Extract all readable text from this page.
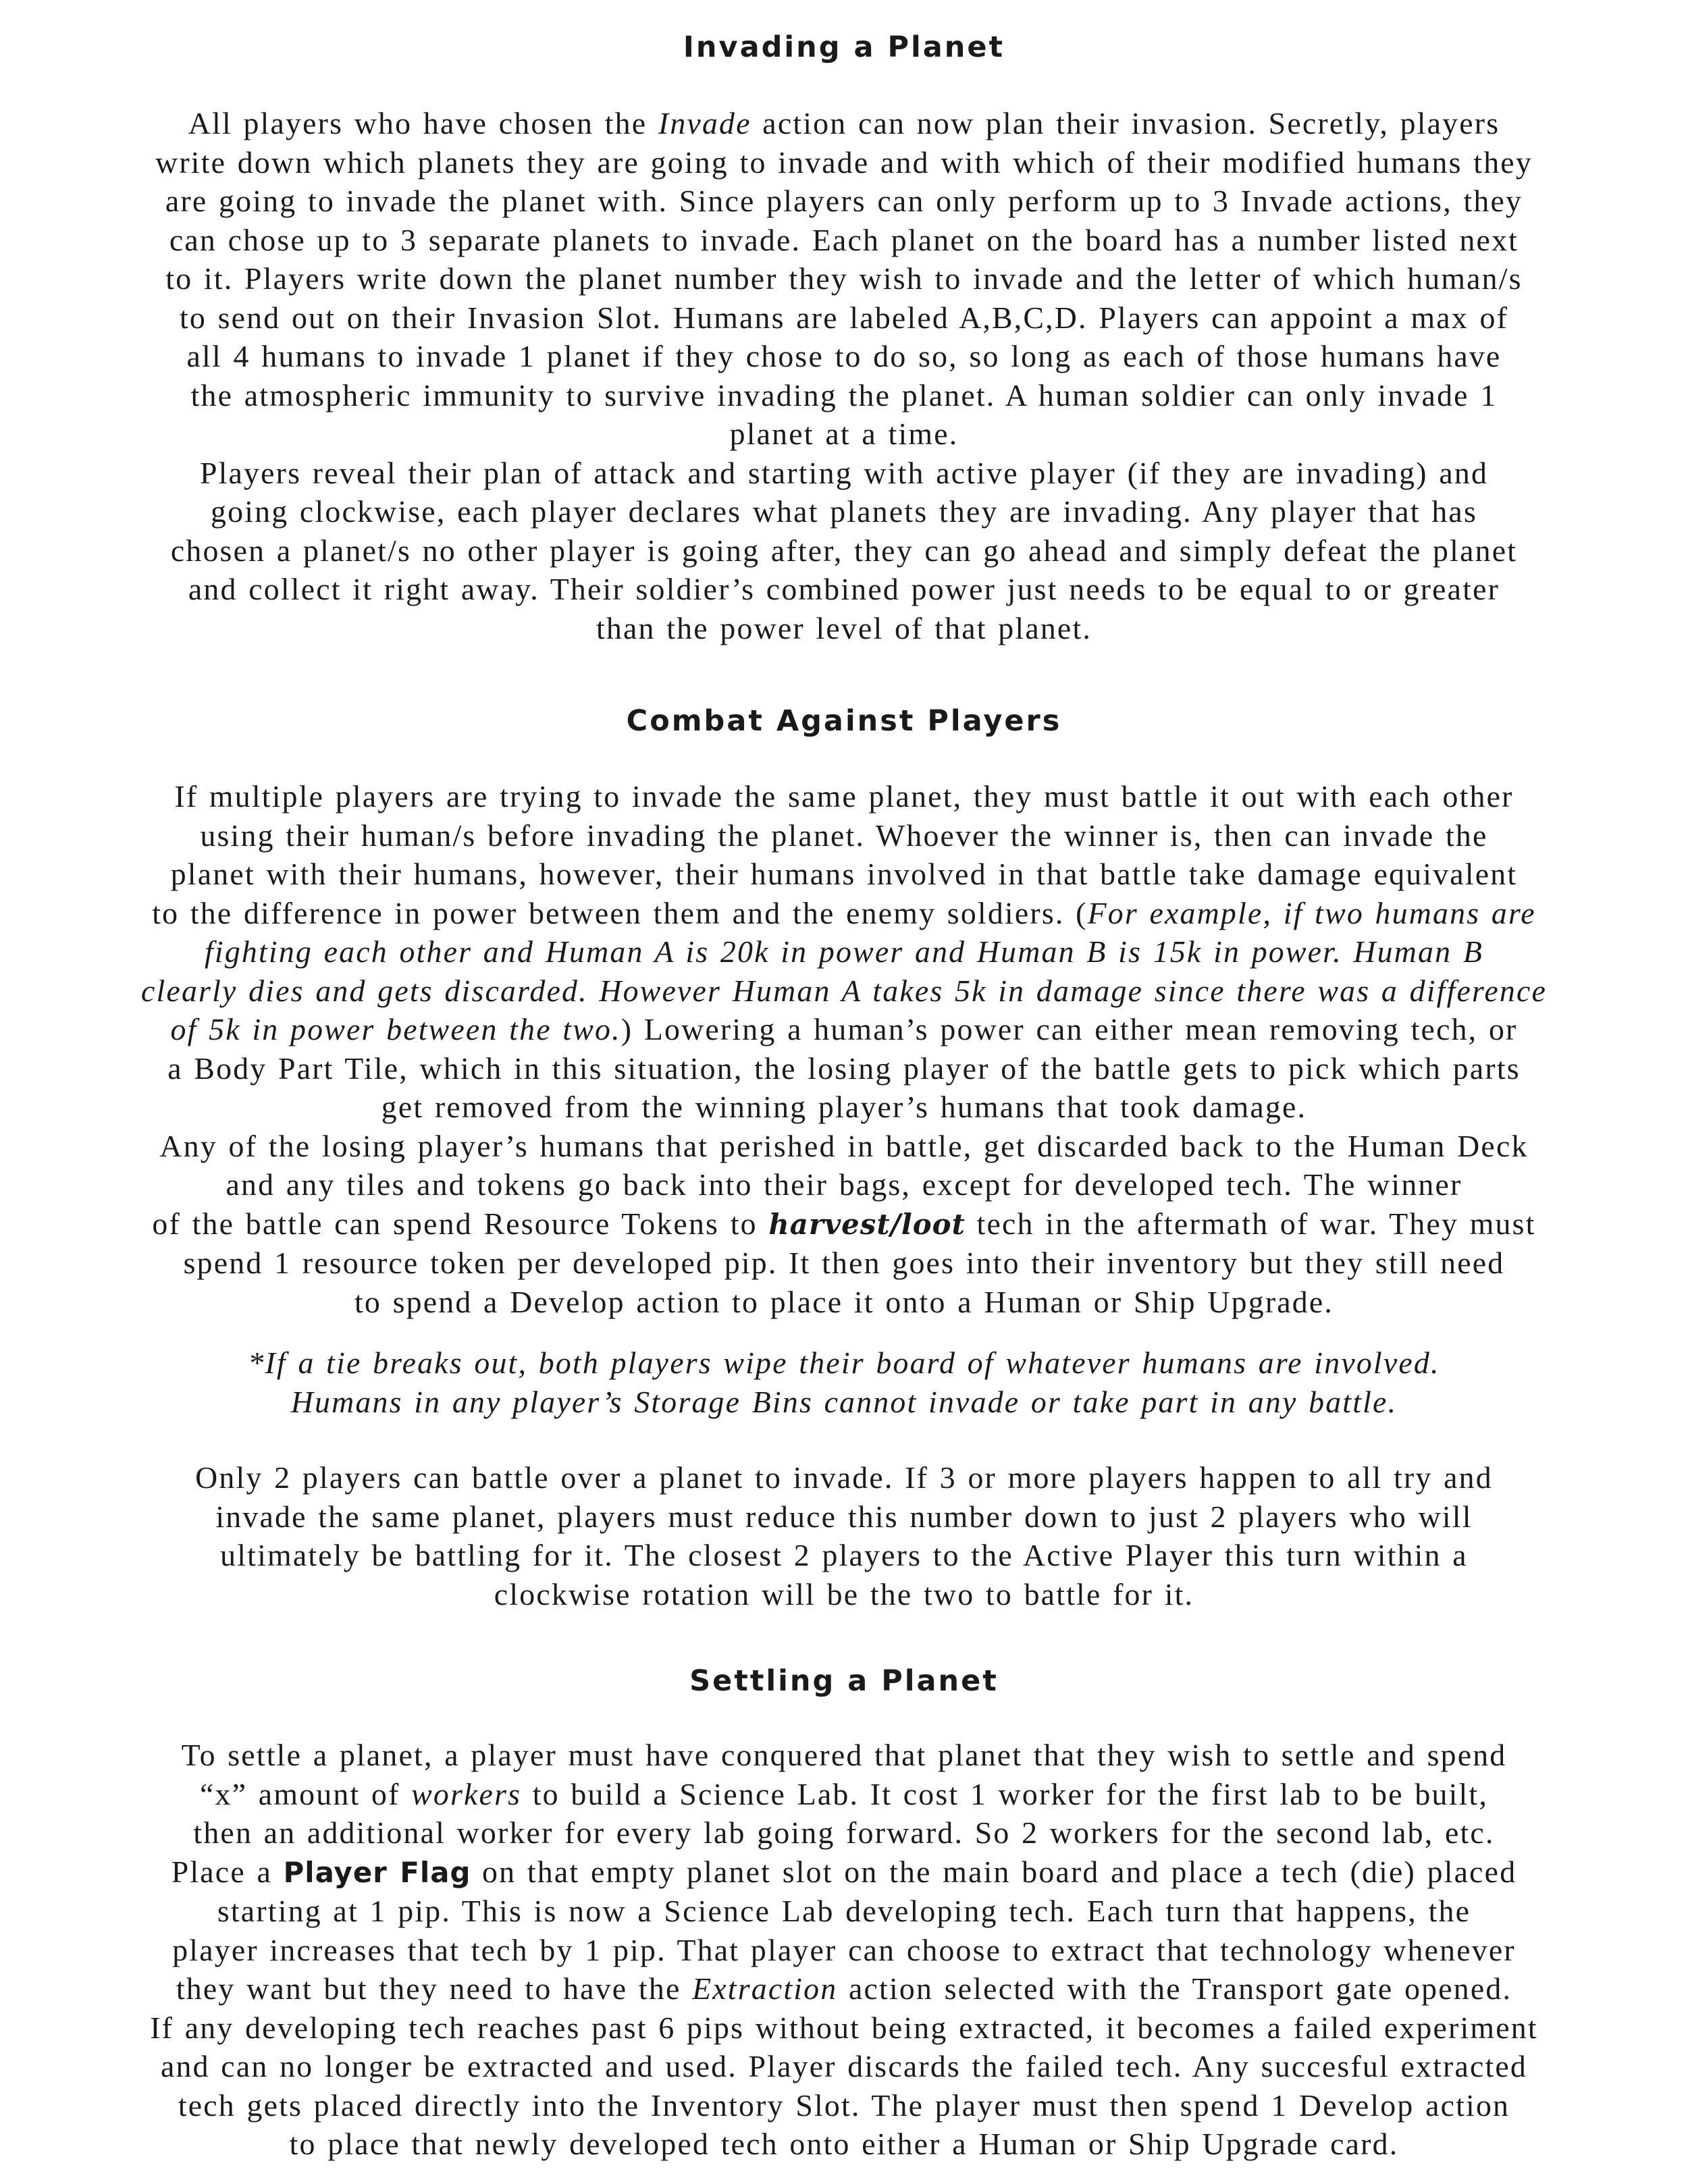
Invading a Planet
All players who have chosen the Invade action can now plan their invasion. Secretly, players
write down which planets they are going to invade and with which of their modified humans they
are going to invade the planet with. Since players can only perform up to 3 Invade actions, they
can chose up to 3 separate planets to invade. Each planet on the board has a number listed next
to it. Players write down the planet number they wish to invade and the letter of which human/s
to send out on their Invasion Slot. Humans are labeled A,B,C,D. Players can appoint a max of
all 4 humans to invade 1 planet if they chose to do so, so long as each of those humans have
the atmospheric immunity to survive invading the planet. A human soldier can only invade 1
planet at a time.
Players reveal their plan of attack and starting with active player (if they are invading) and
going clockwise, each player declares what planets they are invading. Any player that has
chosen a planet/s no other player is going after, they can go ahead and simply defeat the planet
and collect it right away. Their soldier’s combined power just needs to be equal to or greater
than the power level of that planet.
Combat Against Players
If multiple players are trying to invade the same planet, they must battle it out with each other
using their human/s before invading the planet. Whoever the winner is, then can invade the
planet with their humans, however, their humans involved in that battle take damage equivalent
to the difference in power between them and the enemy soldiers. (For example, if two humans are
fighting each other and Human A is 20k in power and Human B is 15k in power. Human B
clearly dies and gets discarded. However Human A takes 5k in damage since there was a difference
of 5k in power between the two.) Lowering a human’s power can either mean removing tech, or
a Body Part Tile, which in this situation, the losing player of the battle gets to pick which parts
get removed from the winning player’s humans that took damage.
Any of the losing player’s humans that perished in battle, get discarded back to the Human Deck
and any tiles and tokens go back into their bags, except for developed tech. The winner
of the battle can spend Resource Tokens to harvest/loot tech in the aftermath of war. They must
spend 1 resource token per developed pip. It then goes into their inventory but they still need
to spend a Develop action to place it onto a Human or Ship Upgrade.
*If a tie breaks out, both players wipe their board of whatever humans are involved.
Humans in any player’s Storage Bins cannot invade or take part in any battle.
Only 2 players can battle over a planet to invade. If 3 or more players happen to all try and
invade the same planet, players must reduce this number down to just 2 players who will
ultimately be battling for it. The closest 2 players to the Active Player this turn within a
clockwise rotation will be the two to battle for it.
Settling a Planet
To settle a planet, a player must have conquered that planet that they wish to settle and spend
“x” amount of workers to build a Science Lab. It cost 1 worker for the first lab to be built,
then an additional worker for every lab going forward. So 2 workers for the second lab, etc.
Place a Player Flag on that empty planet slot on the main board and place a tech (die) placed
starting at 1 pip. This is now a Science Lab developing tech. Each turn that happens, the
player increases that tech by 1 pip. That player can choose to extract that technology whenever
they want but they need to have the Extraction action selected with the Transport gate opened.
If any developing tech reaches past 6 pips without being extracted, it becomes a failed experiment
and can no longer be extracted and used. Player discards the failed tech. Any succesful extracted
tech gets placed directly into the Inventory Slot. The player must then spend 1 Develop action
to place that newly developed tech onto either a Human or Ship Upgrade card.
